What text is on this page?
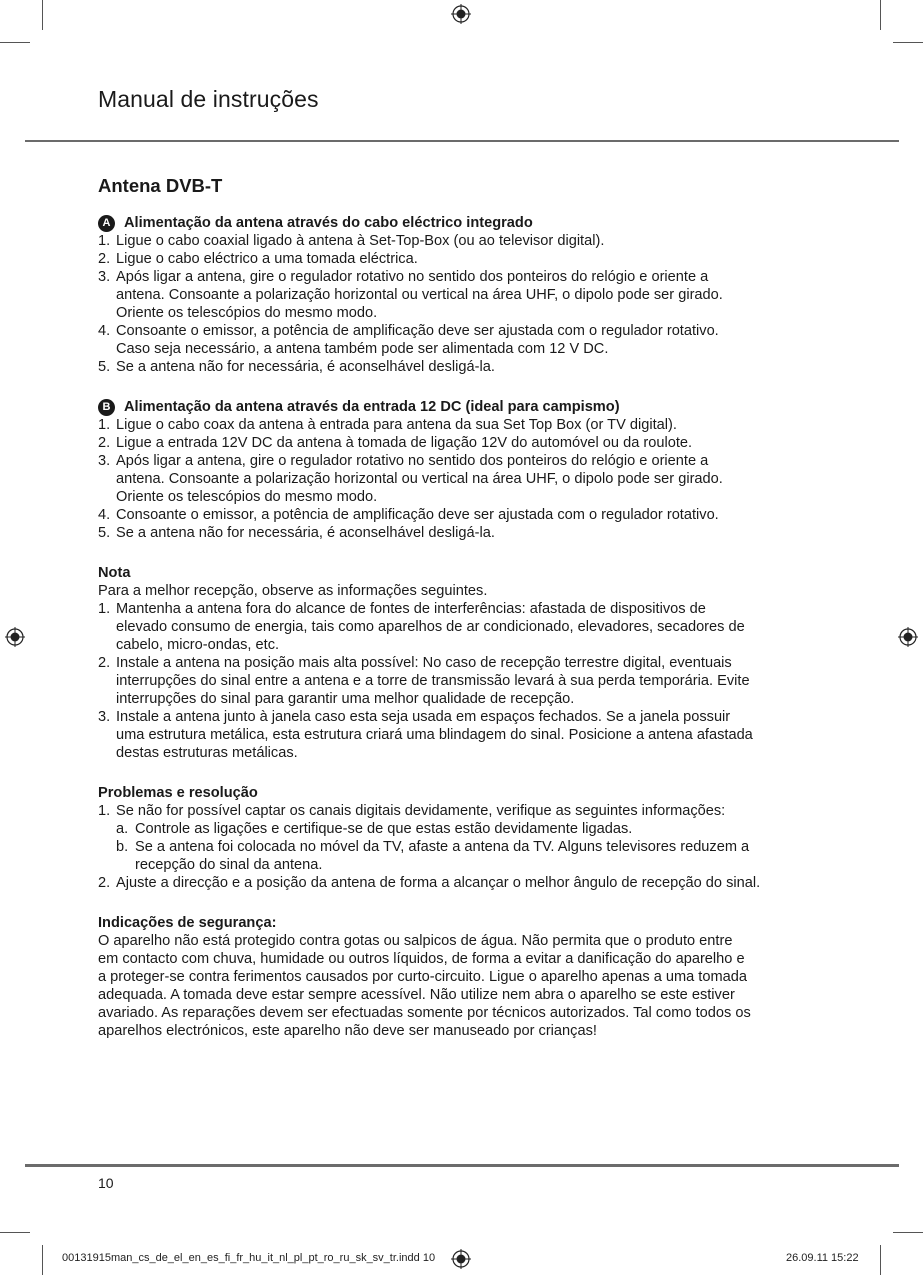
Manual de instruções
Antena DVB-T
A Alimentação da antena através do cabo eléctrico integrado
1. Ligue o cabo coaxial ligado à antena à Set-Top-Box (ou ao televisor digital).
2. Ligue o cabo eléctrico a uma tomada eléctrica.
3. Após ligar a antena, gire o regulador rotativo no sentido dos ponteiros do relógio e oriente a
antena. Consoante a polarização horizontal ou vertical na área UHF, o dipolo pode ser girado.
Oriente os telescópios do mesmo modo.
4. Consoante o emissor, a potência de amplificação deve ser ajustada com o regulador rotativo.
Caso seja necessário, a antena também pode ser alimentada com 12 V DC.
5. Se a antena não for necessária, é aconselhável desligá-la.
B Alimentação da antena através da entrada 12 DC (ideal para campismo)
1. Ligue o cabo coax da antena à entrada para antena da sua Set Top Box (or TV digital).
2. Ligue a entrada 12V DC da antena à tomada de ligação 12V do automóvel ou da roulote.
3. Após ligar a antena, gire o regulador rotativo no sentido dos ponteiros do relógio e oriente a
antena. Consoante a polarização horizontal ou vertical na área UHF, o dipolo pode ser girado.
Oriente os telescópios do mesmo modo.
4. Consoante o emissor, a potência de amplificação deve ser ajustada com o regulador rotativo.
5. Se a antena não for necessária, é aconselhável desligá-la.
Nota

Para a melhor recepção, observe as informações seguintes.

1. Mantenha a antena fora do alcance de fontes de interferências: afastada de dispositivos de
elevado consumo de energia, tais como aparelhos de ar condicionado, elevadores, secadores de
cabelo, micro-ondas, etc.
2. Instale a antena na posição mais alta possível: No caso de recepção terrestre digital, eventuais
interrupções do sinal entre a antena e a torre de transmissão levará à sua perda temporária. Evite
interrupções do sinal para garantir uma melhor qualidade de recepção.
3. Instale a antena junto à janela caso esta seja usada em espaços fechados. Se a janela possuir
uma estrutura metálica, esta estrutura criará uma blindagem do sinal. Posicione a antena afastada
destas estruturas metálicas.
Problemas e resolução
1. Se não for possível captar os canais digitais devidamente, verifique as seguintes informações:
a. Controle as ligações e certifique-se de que estas estão devidamente ligadas.
b. Se a antena foi colocada no móvel da TV, afaste a antena da TV. Alguns televisores reduzem a
recepção do sinal da antena.
2. Ajuste a direcção e a posição da antena de forma a alcançar o melhor ângulo de recepção do sinal.
Indicações de segurança:
O aparelho não está protegido contra gotas ou salpicos de água. Não permita que o produto entre
em contacto com chuva, humidade ou outros líquidos, de forma a evitar a danificação do aparelho e
a proteger-se contra ferimentos causados por curto-circuito. Ligue o aparelho apenas a uma tomada
adequada. A tomada deve estar sempre acessível. Não utilize nem abra o aparelho se este estiver
avariado. As reparações devem ser efectuadas somente por técnicos autorizados. Tal como todos os
aparelhos electrónicos, este aparelho não deve ser manuseado por crianças!
10
00131915man_cs_de_el_en_es_fi_fr_hu_it_nl_pl_pt_ro_ru_sk_sv_tr.indd 10	26.09.11 15:22
